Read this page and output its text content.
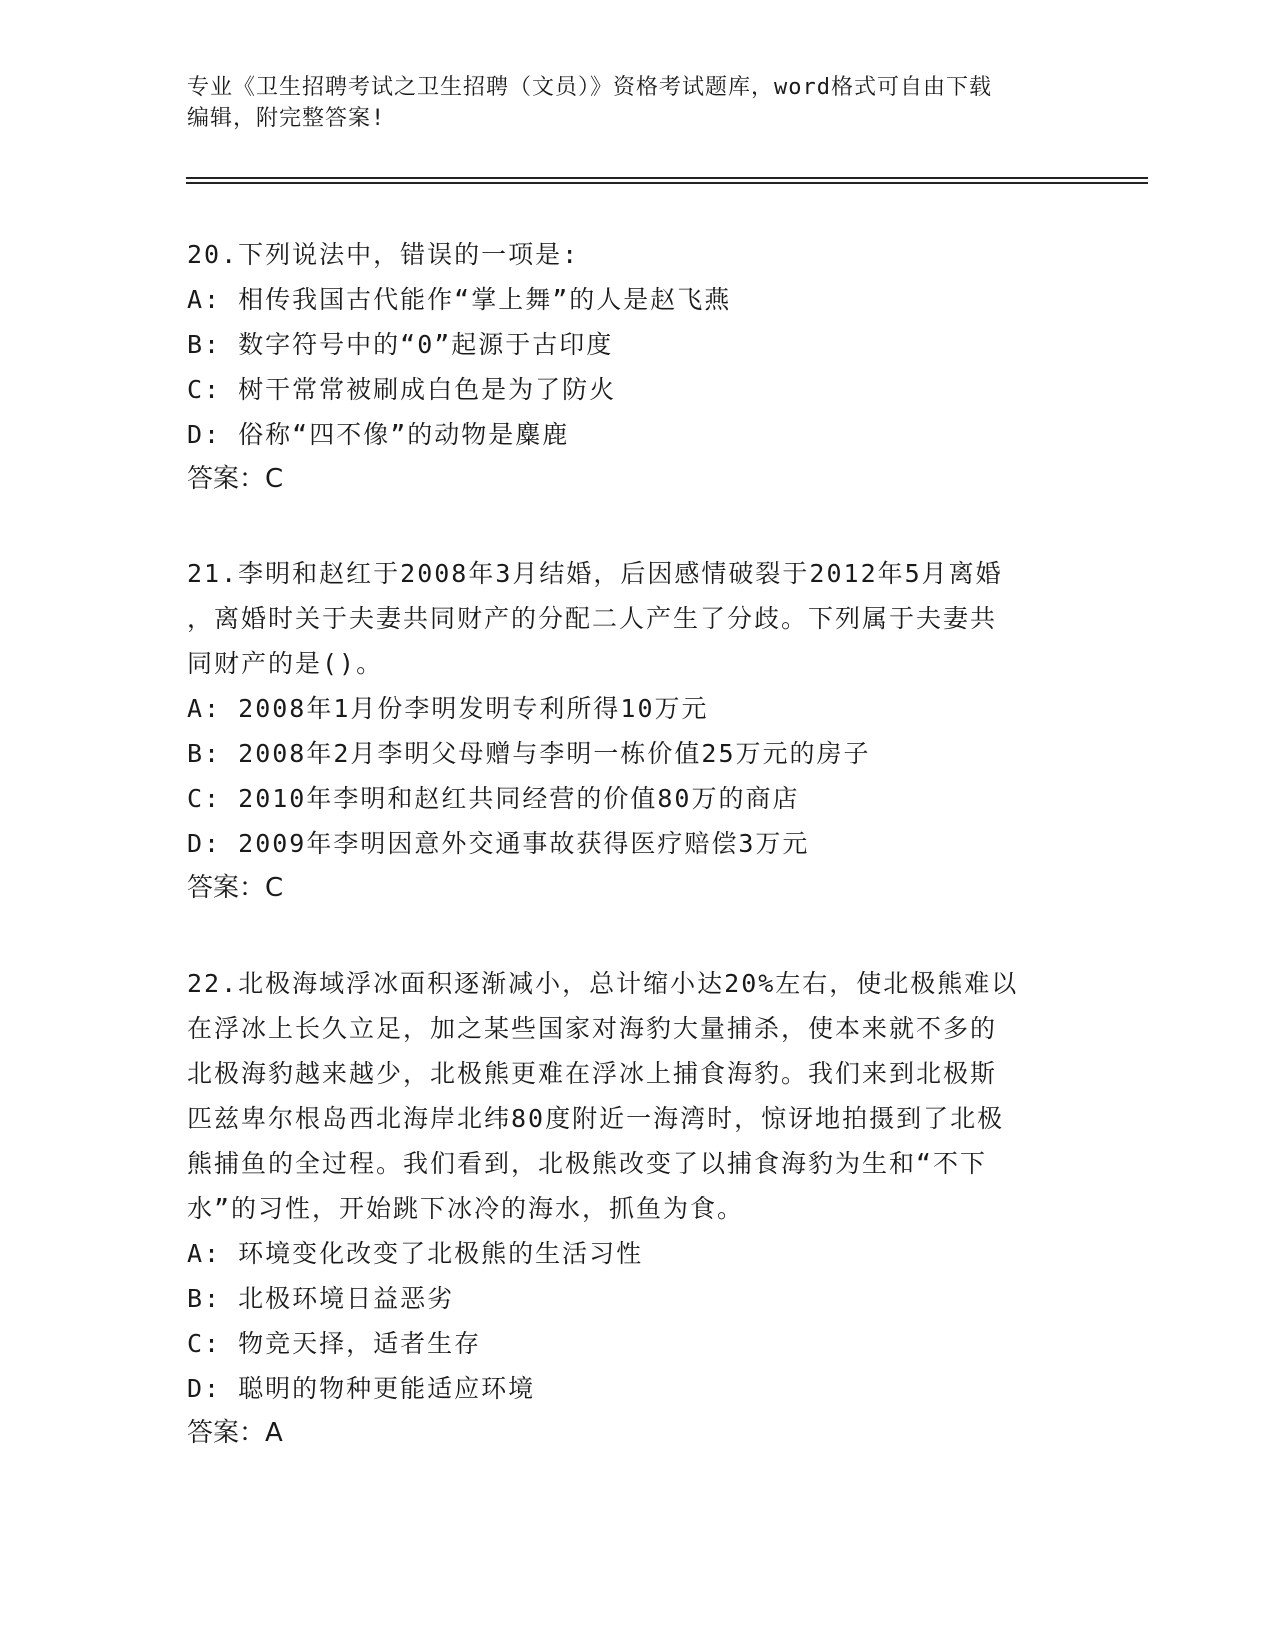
专业《卫生招聘考试之卫生招聘（文员）》资格考试题库，word格式可自由下载
编辑，附完整答案!
20.下列说法中，错误的一项是:
A: 相传我国古代能作“掌上舞”的人是赵飞燕
B: 数字符号中的“0”起源于古印度
C: 树干常常被刷成白色是为了防火
D: 俗称“四不像”的动物是麋鹿
答案：C
21.李明和赵红于2008年3月结婚，后因感情破裂于2012年5月离婚
，离婚时关于夫妻共同财产的分配二人产生了分歧。下列属于夫妻共
同财产的是()。
A: 2008年1月份李明发明专利所得10万元
B: 2008年2月李明父母赠与李明一栋价值25万元的房子
C: 2010年李明和赵红共同经营的价值80万的商店
D: 2009年李明因意外交通事故获得医疗赔偿3万元
答案：C
22.北极海域浮冰面积逐渐减小，总计缩小达20%左右，使北极熊难以
在浮冰上长久立足，加之某些国家对海豹大量捕杀，使本来就不多的
北极海豹越来越少，北极熊更难在浮冰上捕食海豹。我们来到北极斯
匹兹卑尔根岛西北海岸北纬80度附近一海湾时，惊讶地拍摄到了北极
熊捕鱼的全过程。我们看到，北极熊改变了以捕食海豹为生和“不下
水”的习性，开始跳下冰冷的海水，抓鱼为食。
A: 环境变化改变了北极熊的生活习性
B: 北极环境日益恶劣
C: 物竞天择，适者生存
D: 聪明的物种更能适应环境
答案：A
